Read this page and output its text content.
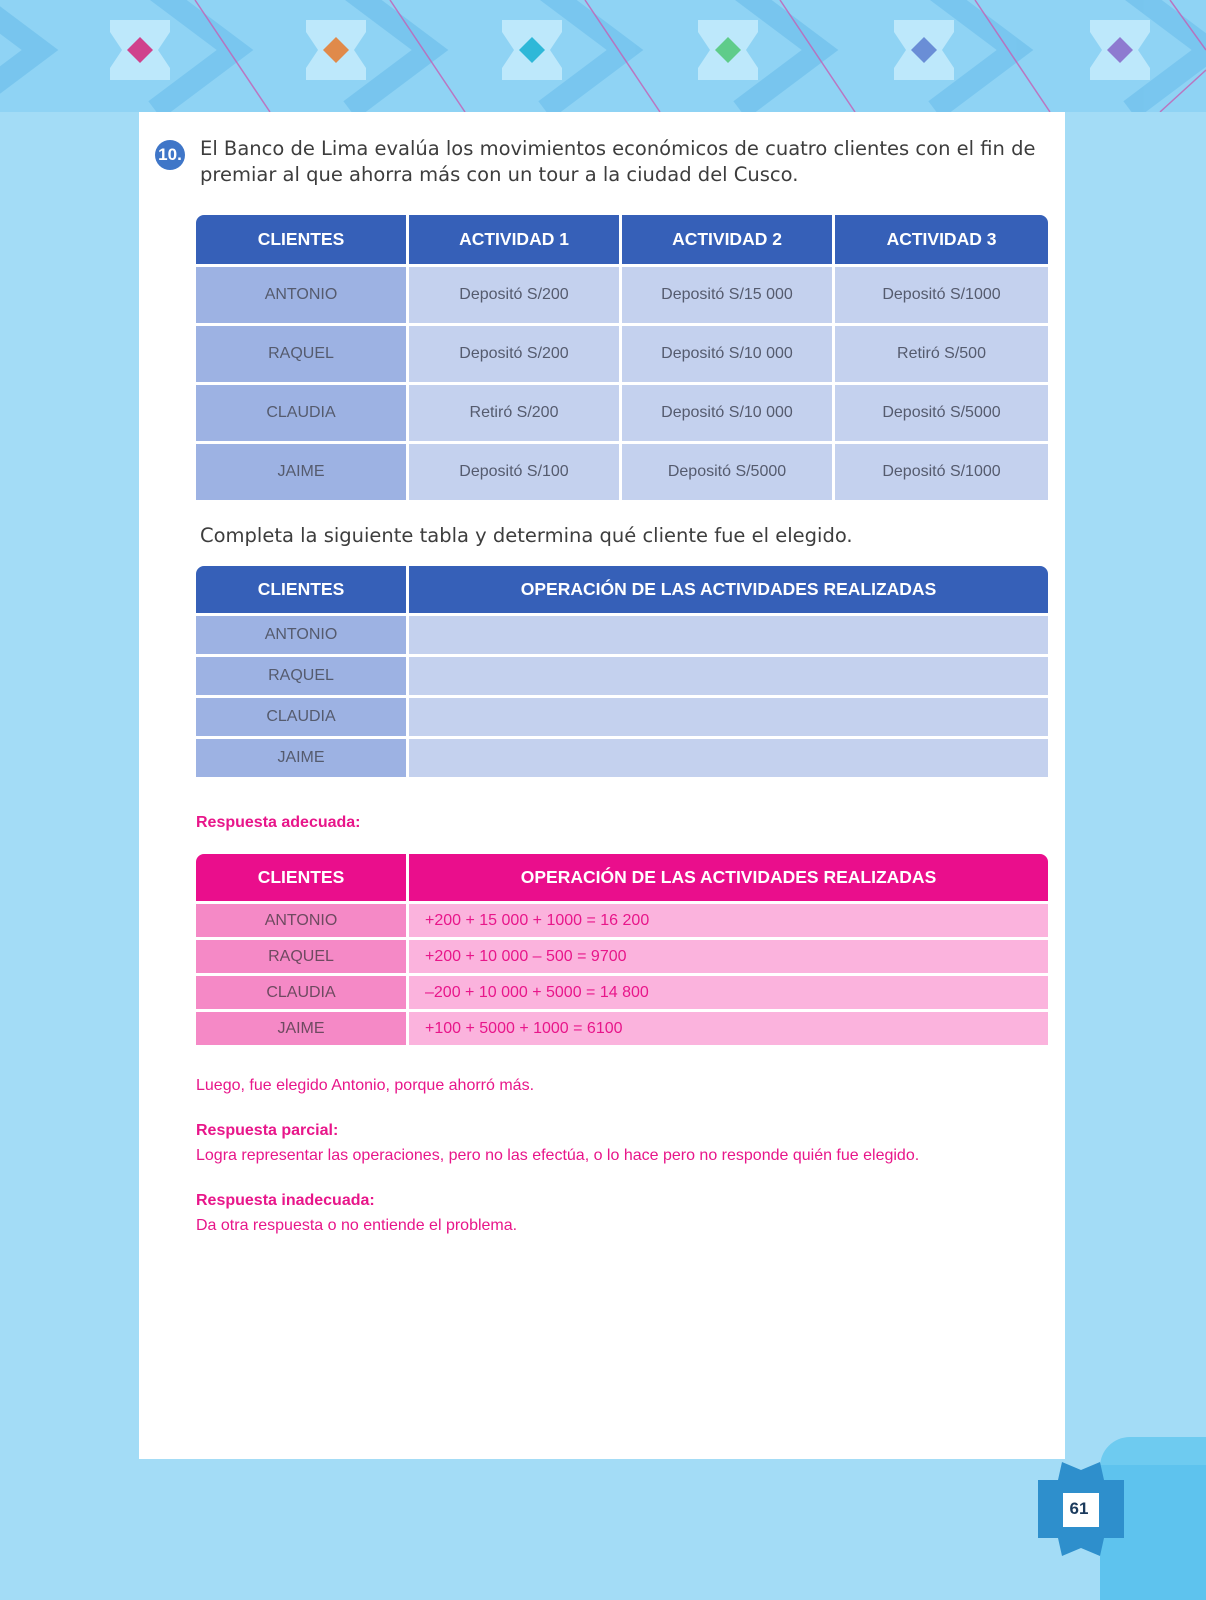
10. El Banco de Lima evalúa los movimientos económicos de cuatro clientes con el fin de premiar al que ahorra más con un tour a la ciudad del Cusco.
CLIENTES	ACTIVIDAD 1	ACTIVIDAD 2	ACTIVIDAD 3
ANTONIO	Depositó S/200	Depositó S/15 000	Depositó S/1000
RAQUEL	Depositó S/200	Depositó S/10 000	Retiró S/500
CLAUDIA	Retiró S/200	Depositó S/10 000	Depositó S/5000
JAIME	Depositó S/100	Depositó S/5000	Depositó S/1000
Completa la siguiente tabla y determina qué cliente fue el elegido.
CLIENTES	OPERACIÓN DE LAS ACTIVIDADES REALIZADAS
ANTONIO	
RAQUEL	
CLAUDIA	
JAIME	
Respuesta adecuada:
CLIENTES	OPERACIÓN DE LAS ACTIVIDADES REALIZADAS
ANTONIO	+200 + 15 000 + 1000 = 16 200
RAQUEL	+200 + 10 000 – 500 = 9700
CLAUDIA	–200 + 10 000 + 5000 = 14 800
JAIME	+100 + 5000 + 1000 = 6100
Luego, fue elegido Antonio, porque ahorró más.
Respuesta parcial:
Logra representar las operaciones, pero no las efectúa, o lo hace pero no responde quién fue elegido.
Respuesta inadecuada:
Da otra respuesta o no entiende el problema.
61
